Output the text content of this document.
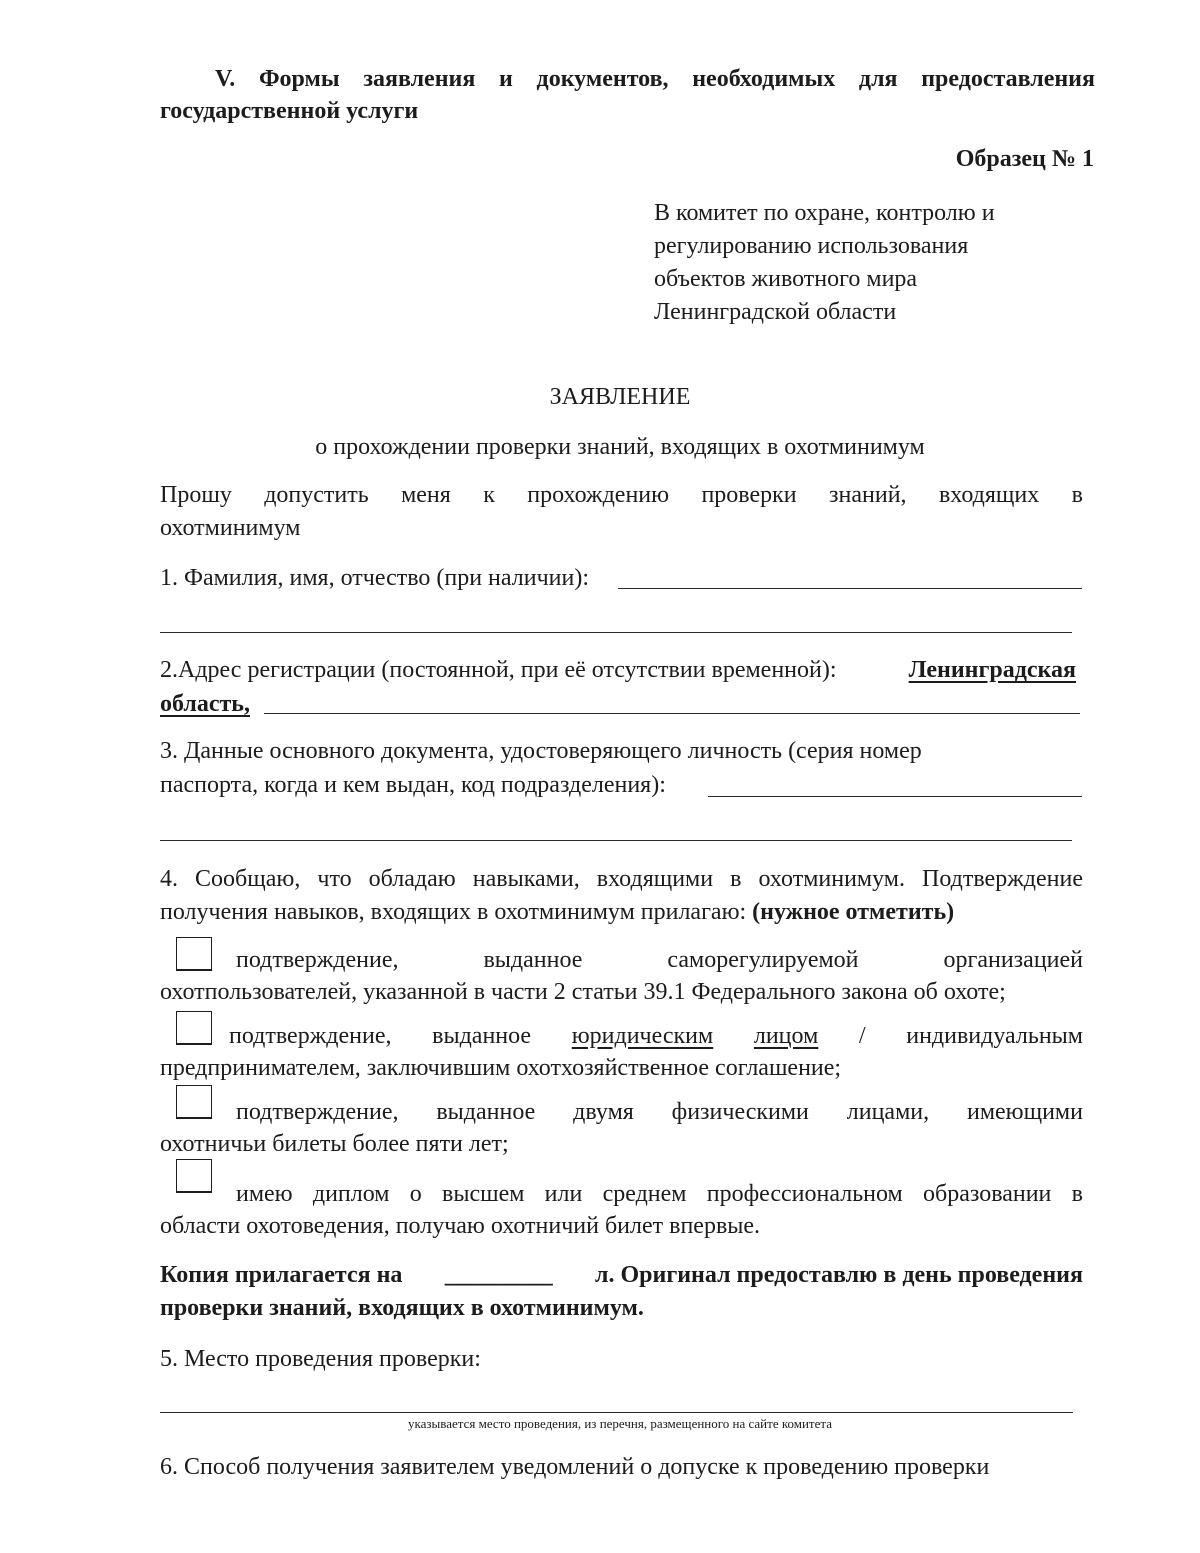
V. Формы заявления и документов, необходимых для предоставления
государственной услуги
Образец № 1
В комитет по охране, контролю и
регулированию использования
объектов животного мира
Ленинградской области
ЗАЯВЛЕНИЕ
о прохождении проверки знаний, входящих в охотминимум
Прошу допустить меня к прохождению проверки знаний, входящих в
охотминимум
1. Фамилия, имя, отчество (при наличии):
2.Адрес регистрации (постоянной, при её отсутствии временной):	Ленинградская
область,
3. Данные основного документа, удостоверяющего личность (серия номер
паспорта, когда и кем выдан, код подразделения):
4. Сообщаю, что обладаю навыками, входящими в охотминимум. Подтверждение
получения навыков, входящих в охотминимум прилагаю: (нужное отметить)
подтверждение,	выданное	саморегулируемой	организацией
охотпользователей, указанной в части 2 статьи 39.1 Федерального закона об охоте;
подтверждение, выданное юридическим лицом / индивидуальным
предпринимателем, заключившим охотхозяйственное соглашение;
подтверждение, выданное двумя физическими лицами, имеющими
охотничьи билеты более пяти лет;
имею диплом о высшем или среднем профессиональном образовании в
области охотоведения, получаю охотничий билет впервые.
Копия прилагается на _________ л. Оригинал предоставлю в день проведения
проверки знаний, входящих в охотминимум.
5. Место проведения проверки:
указывается место проведения, из перечня, размещенного на сайте комитета
6. Способ получения заявителем уведомлений о допуске к проведению проверки
